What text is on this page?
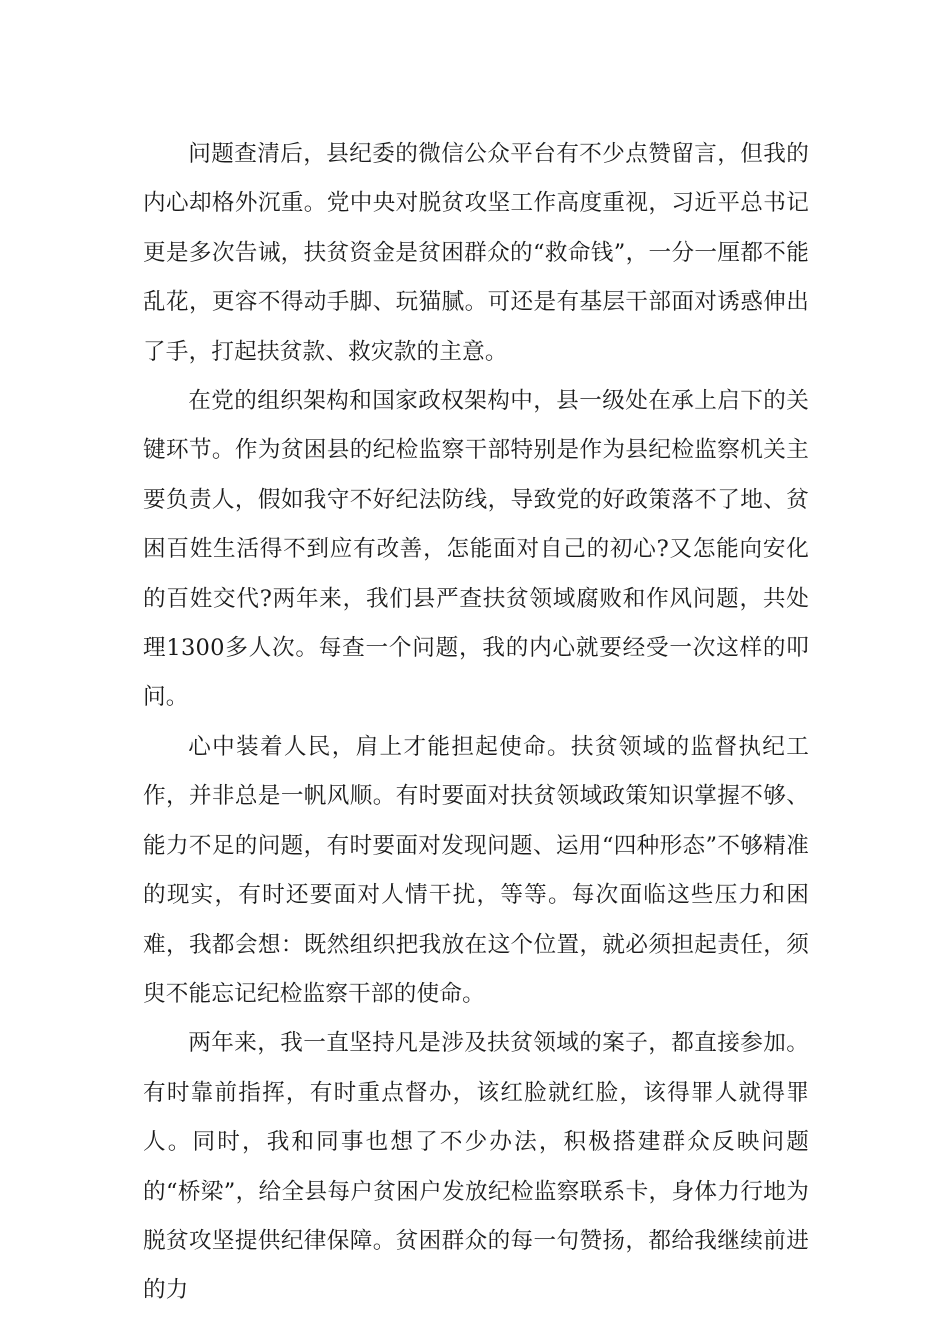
问题查清后，县纪委的微信公众平台有不少点赞留言，但我的内心却格外沉重。党中央对脱贫攻坚工作高度重视，习近平总书记更是多次告诫，扶贫资金是贫困群众的“救命钱”，一分一厘都不能乱花，更容不得动手脚、玩猫腻。可还是有基层干部面对诱惑伸出了手，打起扶贫款、救灾款的主意。

在党的组织架构和国家政权架构中，县一级处在承上启下的关键环节。作为贫困县的纪检监察干部特别是作为县纪检监察机关主要负责人，假如我守不好纪法防线，导致党的好政策落不了地、贫困百姓生活得不到应有改善，怎能面对自己的初心?又怎能向安化的百姓交代?两年来，我们县严查扶贫领域腐败和作风问题，共处理1300多人次。每查一个问题，我的内心就要经受一次这样的叩问。

心中装着人民，肩上才能担起使命。扶贫领域的监督执纪工作，并非总是一帆风顺。有时要面对扶贫领域政策知识掌握不够、能力不足的问题，有时要面对发现问题、运用“四种形态”不够精准的现实，有时还要面对人情干扰，等等。每次面临这些压力和困难，我都会想：既然组织把我放在这个位置，就必须担起责任，须臾不能忘记纪检监察干部的使命。

两年来，我一直坚持凡是涉及扶贫领域的案子，都直接参加。有时靠前指挥，有时重点督办，该红脸就红脸，该得罪人就得罪人。同时，我和同事也想了不少办法，积极搭建群众反映问题的“桥梁”，给全县每户贫困户发放纪检监察联系卡，身体力行地为脱贫攻坚提供纪律保障。贫困群众的每一句赞扬，都给我继续前进的力
